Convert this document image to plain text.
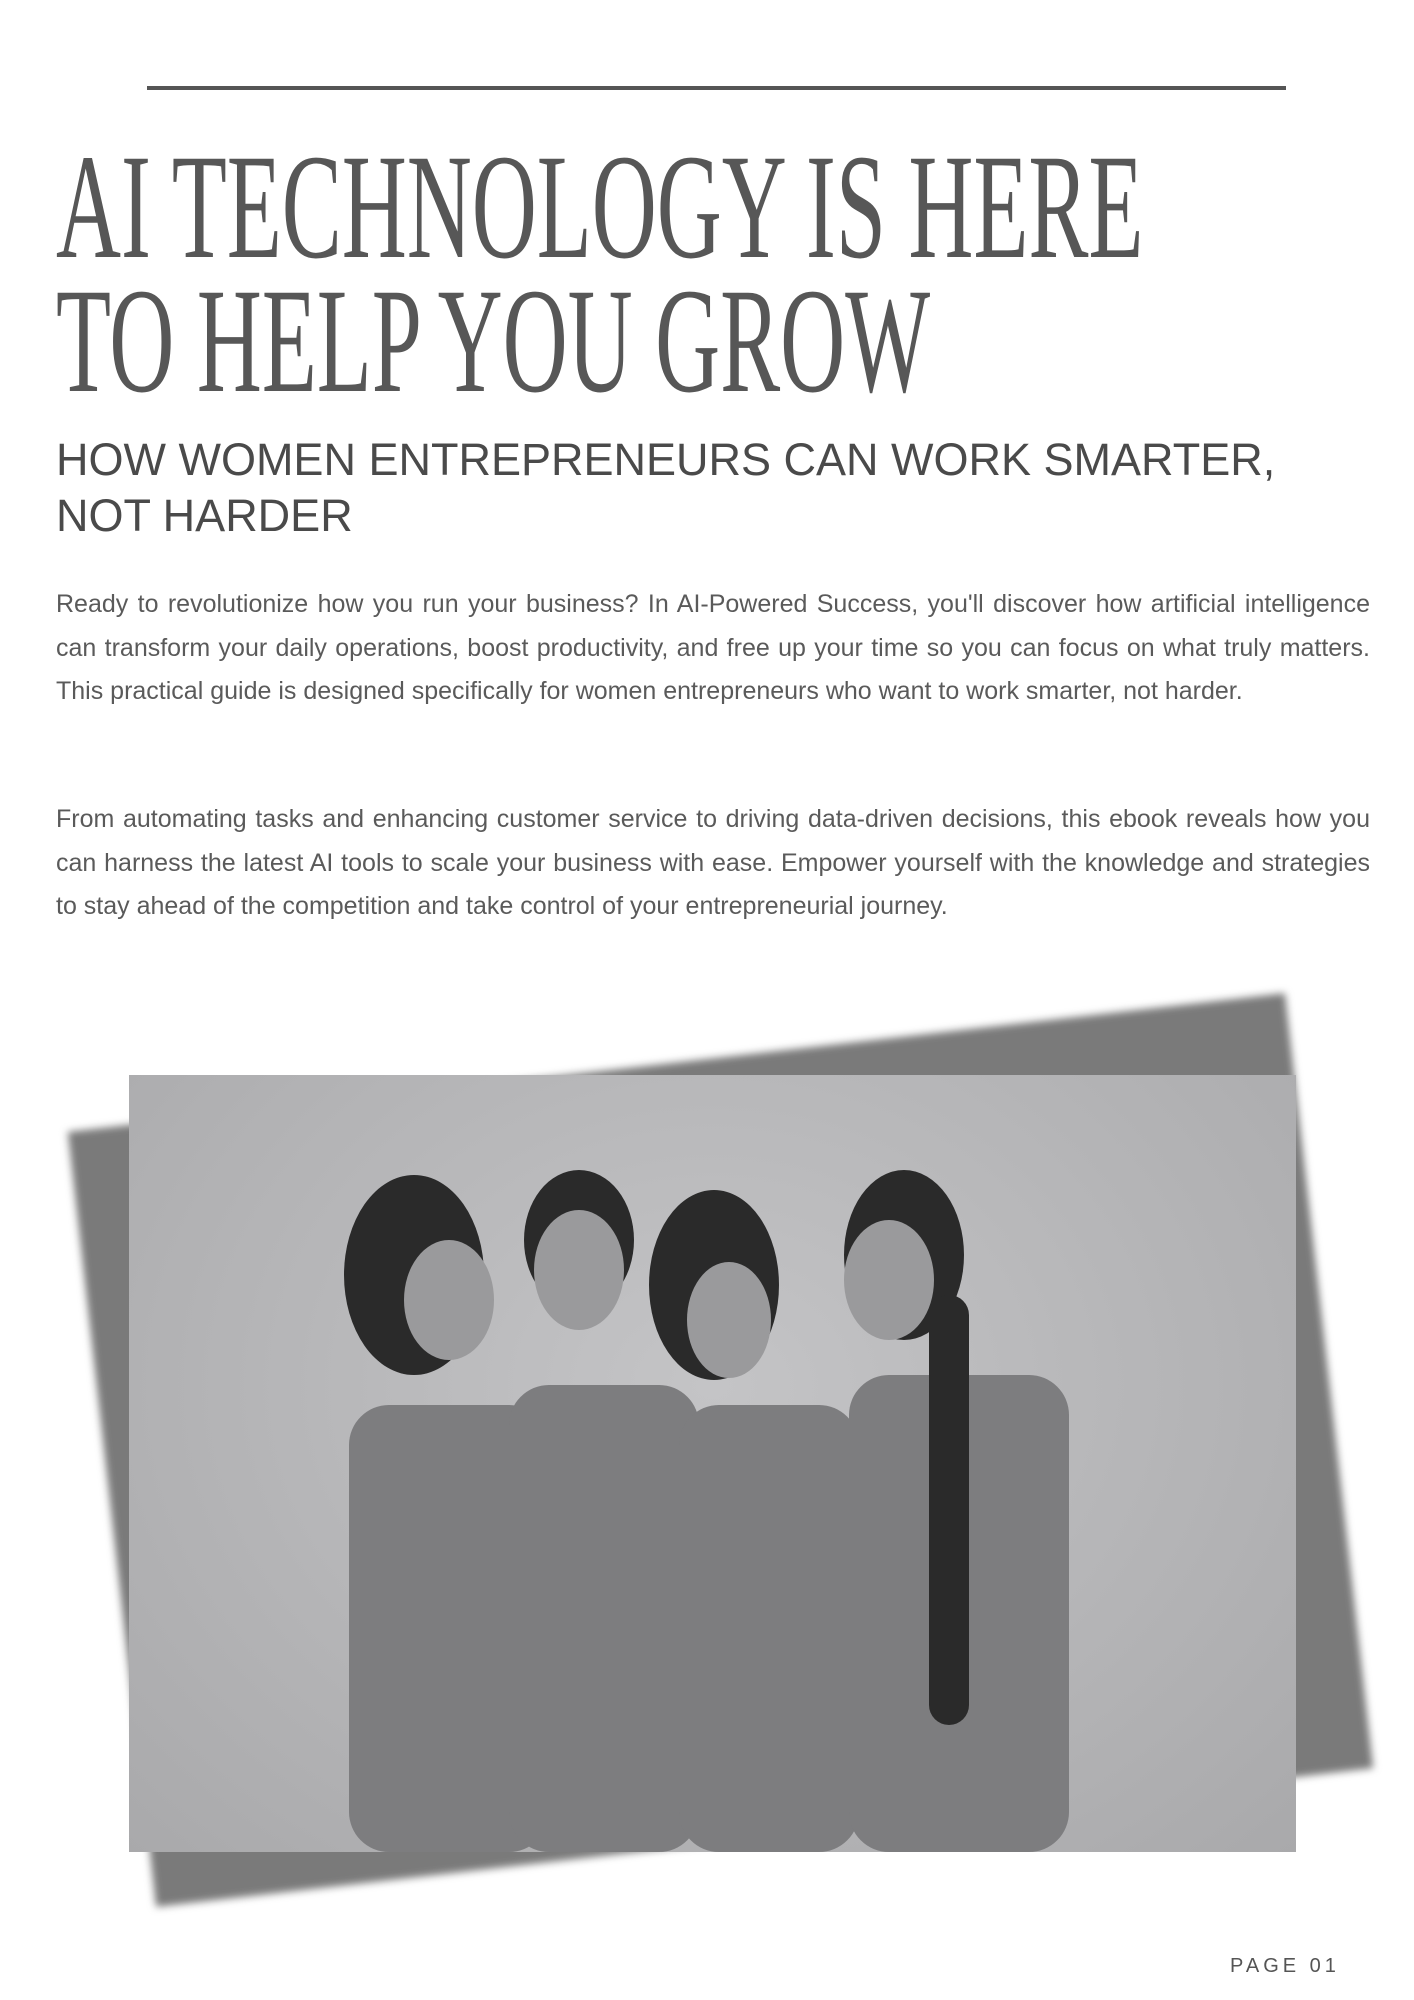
AI TECHNOLOGY IS HERE
TO HELP YOU GROW
HOW WOMEN ENTREPRENEURS CAN WORK SMARTER,
NOT HARDER

Ready to revolutionize how you run your business? In AI-Powered Success, you'll discover how artificial intelligence can transform your daily operations, boost productivity, and free up your time so you can focus on what truly matters. This practical guide is designed specifically for women entrepreneurs who want to work smarter, not harder.

From automating tasks and enhancing customer service to driving data-driven decisions, this ebook reveals how you can harness the latest AI tools to scale your business with ease. Empower yourself with the knowledge and strategies to stay ahead of the competition and take control of your entrepreneurial journey.

PAGE 01
